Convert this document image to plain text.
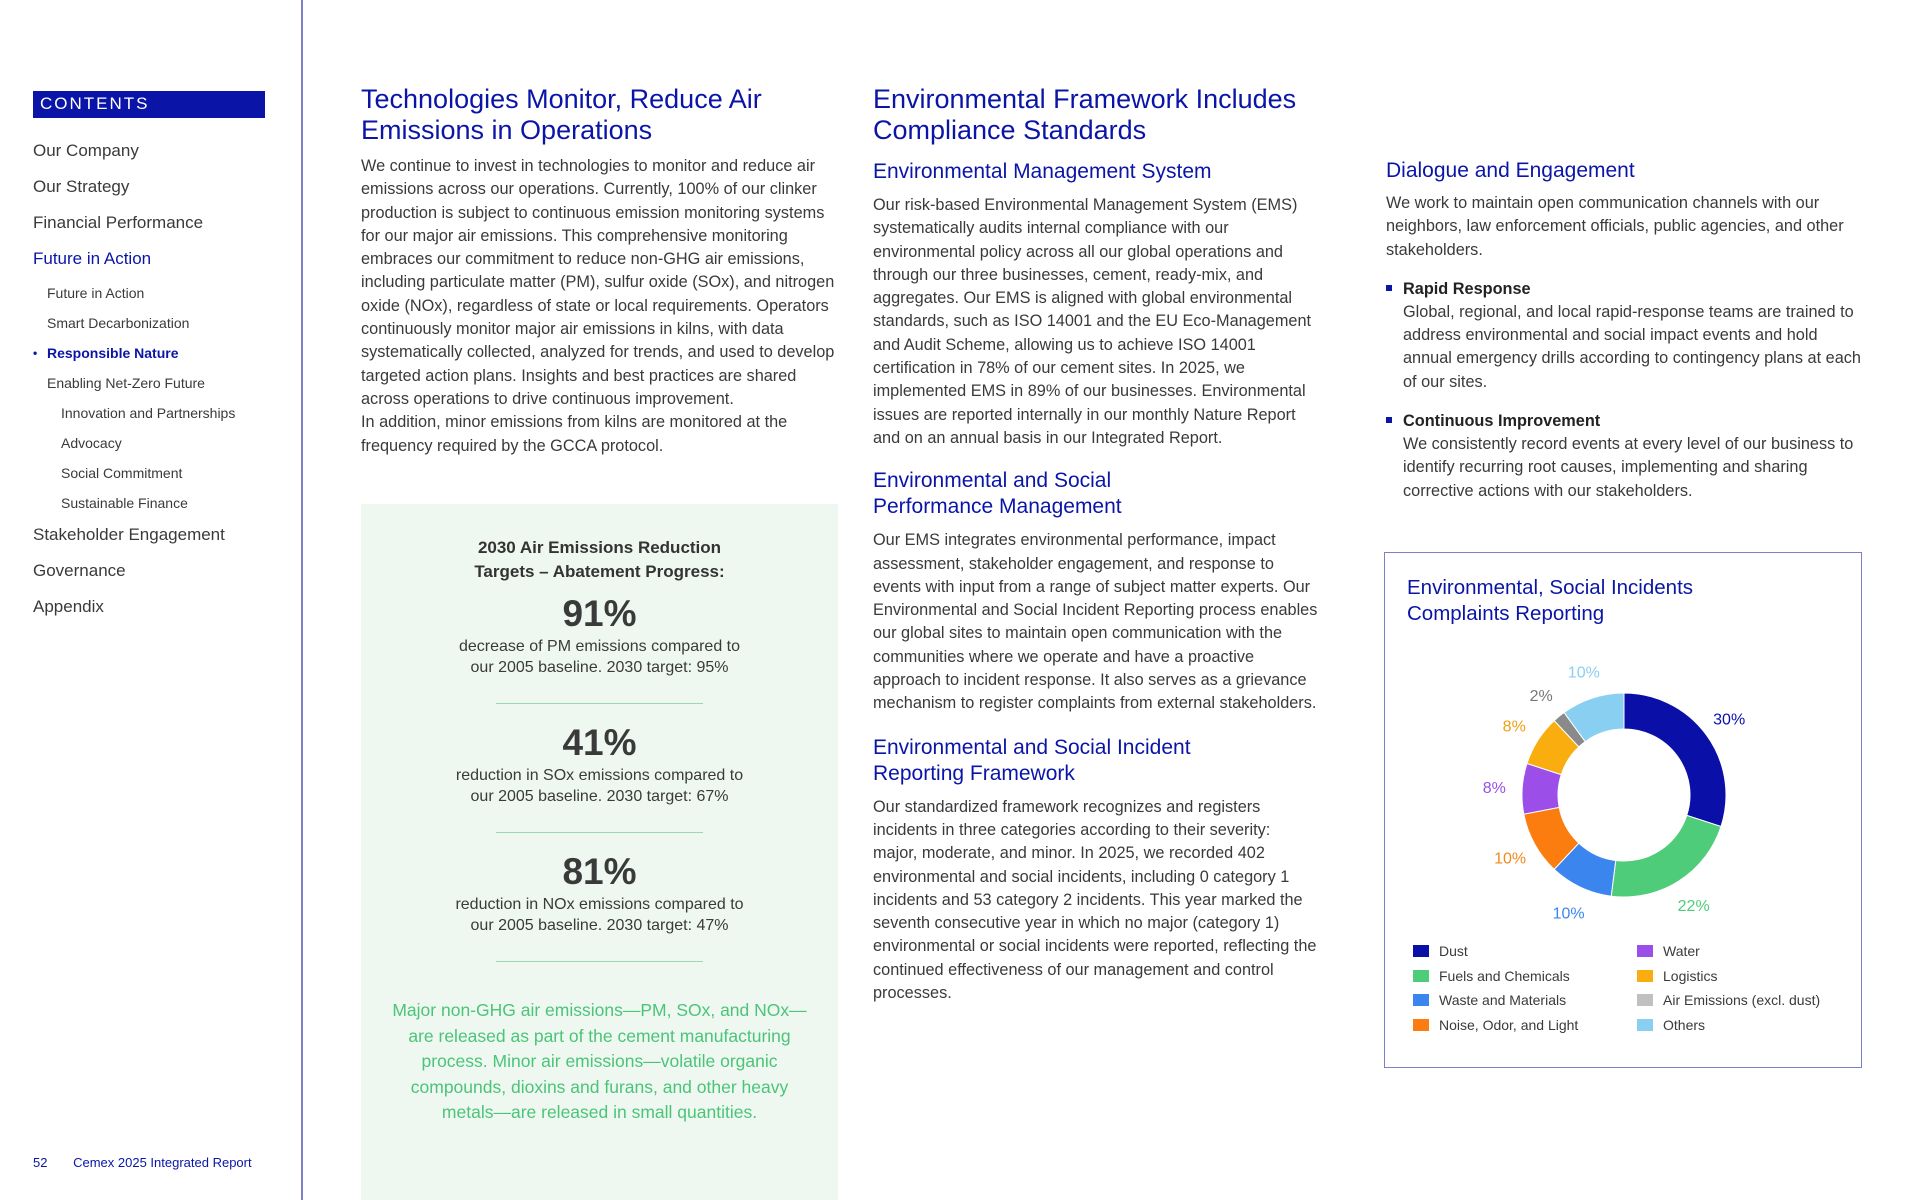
CONTENTS
Our Company
Our Strategy
Financial Performance
Future in Action
Future in Action
Smart Decarbonization
• Responsible Nature
Enabling Net-Zero Future
Innovation and Partnerships
Advocacy
Social Commitment
Sustainable Finance
Stakeholder Engagement
Governance
Appendix
52 Cemex 2025 Integrated Report
Technologies Monitor, Reduce Air Emissions in Operations

We continue to invest in technologies to monitor and reduce air emissions across our operations. Currently, 100% of our clinker production is subject to continuous emission monitoring systems for our major air emissions. This comprehensive monitoring embraces our commitment to reduce non-GHG air emissions, including particulate matter (PM), sulfur oxide (SOx), and nitrogen oxide (NOx), regardless of state or local requirements. Operators continuously monitor major air emissions in kilns, with data systematically collected, analyzed for trends, and used to develop targeted action plans. Insights and best practices are shared across operations to drive continuous improvement.
In addition, minor emissions from kilns are monitored at the frequency required by the GCCA protocol.

2030 Air Emissions Reduction Targets – Abatement Progress:
91%
decrease of PM emissions compared to our 2005 baseline. 2030 target: 95%
41%
reduction in SOx emissions compared to our 2005 baseline. 2030 target: 67%
81%
reduction in NOx emissions compared to our 2005 baseline. 2030 target: 47%
Major non-GHG air emissions—PM, SOx, and NOx—are released as part of the cement manufacturing process. Minor air emissions—volatile organic compounds, dioxins and furans, and other heavy metals—are released in small quantities.
Environmental Framework Includes Compliance Standards
Environmental Management System

Our risk-based Environmental Management System (EMS) systematically audits internal compliance with our environmental policy across all our global operations and through our three businesses, cement, ready-mix, and aggregates. Our EMS is aligned with global environmental standards, such as ISO 14001 and the EU Eco-Management and Audit Scheme, allowing us to achieve ISO 14001 certification in 78% of our cement sites. In 2025, we implemented EMS in 89% of our businesses. Environmental issues are reported internally in our monthly Nature Report and on an annual basis in our Integrated Report.

Environmental and Social Performance Management

Our EMS integrates environmental performance, impact assessment, stakeholder engagement, and response to events with input from a range of subject matter experts. Our Environmental and Social Incident Reporting process enables our global sites to maintain open communication with the communities where we operate and have a proactive approach to incident response. It also serves as a grievance mechanism to register complaints from external stakeholders.

Environmental and Social Incident Reporting Framework

Our standardized framework recognizes and registers incidents in three categories according to their severity: major, moderate, and minor. In 2025, we recorded 402 environmental and social incidents, including 0 category 1 incidents and 53 category 2 incidents. This year marked the seventh consecutive year in which no major (category 1) environmental or social incidents were reported, reflecting the continued effectiveness of our management and control processes.

Dialogue and Engagement

We work to maintain open communication channels with our neighbors, law enforcement officials, public agencies, and other stakeholders.

Rapid Response

Global, regional, and local rapid-response teams are trained to address environmental and social impact events and hold annual emergency drills according to contingency plans at each of our sites.

Continuous Improvement

We consistently record events at every level of our business to identify recurring root causes, implementing and sharing corrective actions with our stakeholders.

Environmental, Social Incidents Complaints Reporting
30%
22%
10%
10%
8%
8%
2%
10%
Dust
Fuels and Chemicals
Waste and Materials
Noise, Odor, and Light
Water
Logistics
Air Emissions (excl. dust)
Others
